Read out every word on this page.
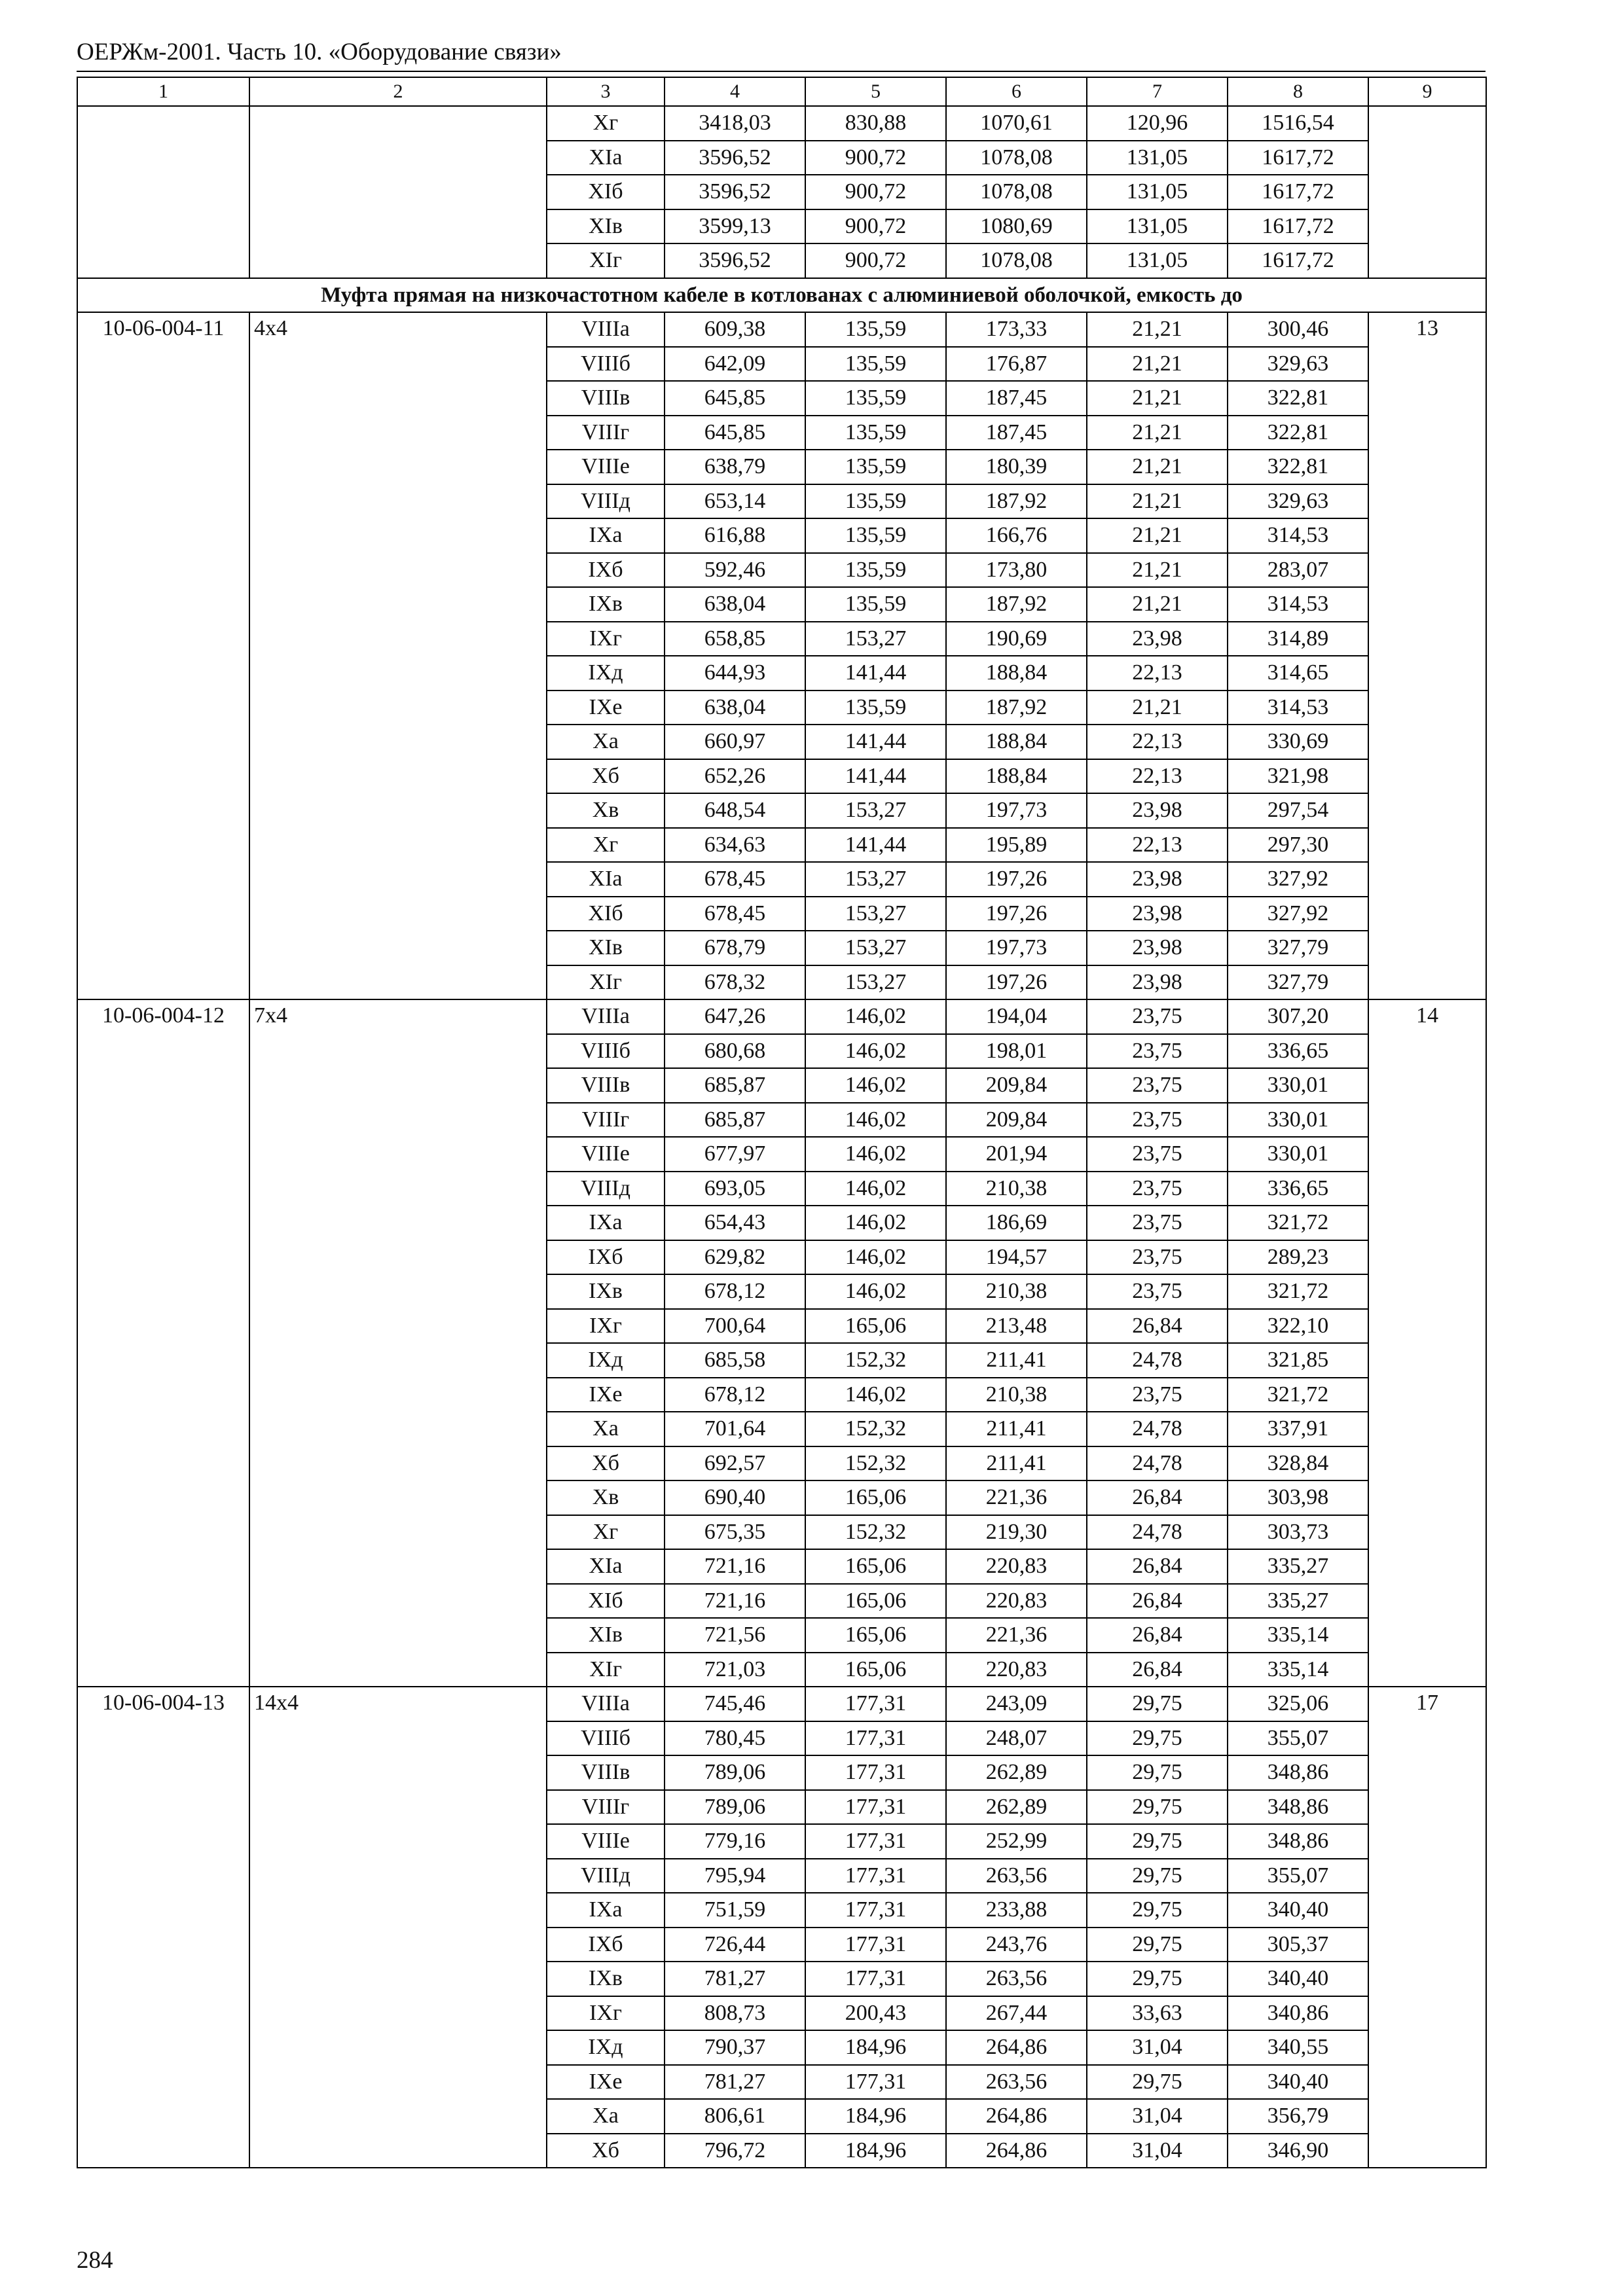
ОЕРЖм-2001. Часть 10. «Оборудование связи»
1	2	3	4	5	6	7	8	9
		Xг	3418,03	830,88	1070,61	120,96	1516,54	
		XIа	3596,52	900,72	1078,08	131,05	1617,72	
		XIб	3596,52	900,72	1078,08	131,05	1617,72	
		XIв	3599,13	900,72	1080,69	131,05	1617,72	
		XIг	3596,52	900,72	1078,08	131,05	1617,72	
Муфта прямая на низкочастотном кабеле в котлованах с алюминиевой оболочкой, емкость до								
10-06-004-11	4x4	VIIIа	609,38	135,59	173,33	21,21	300,46	13
		VIIIб	642,09	135,59	176,87	21,21	329,63	
		VIIIв	645,85	135,59	187,45	21,21	322,81	
		VIIIг	645,85	135,59	187,45	21,21	322,81	
		VIIIе	638,79	135,59	180,39	21,21	322,81	
		VIIIд	653,14	135,59	187,92	21,21	329,63	
		IXа	616,88	135,59	166,76	21,21	314,53	
		IXб	592,46	135,59	173,80	21,21	283,07	
		IXв	638,04	135,59	187,92	21,21	314,53	
		IXг	658,85	153,27	190,69	23,98	314,89	
		IXд	644,93	141,44	188,84	22,13	314,65	
		IXе	638,04	135,59	187,92	21,21	314,53	
		Xа	660,97	141,44	188,84	22,13	330,69	
		Xб	652,26	141,44	188,84	22,13	321,98	
		Xв	648,54	153,27	197,73	23,98	297,54	
		Xг	634,63	141,44	195,89	22,13	297,30	
		XIа	678,45	153,27	197,26	23,98	327,92	
		XIб	678,45	153,27	197,26	23,98	327,92	
		XIв	678,79	153,27	197,73	23,98	327,79	
		XIг	678,32	153,27	197,26	23,98	327,79	
10-06-004-12	7x4	VIIIа	647,26	146,02	194,04	23,75	307,20	14
		VIIIб	680,68	146,02	198,01	23,75	336,65	
		VIIIв	685,87	146,02	209,84	23,75	330,01	
		VIIIг	685,87	146,02	209,84	23,75	330,01	
		VIIIе	677,97	146,02	201,94	23,75	330,01	
		VIIIд	693,05	146,02	210,38	23,75	336,65	
		IXа	654,43	146,02	186,69	23,75	321,72	
		IXб	629,82	146,02	194,57	23,75	289,23	
		IXв	678,12	146,02	210,38	23,75	321,72	
		IXг	700,64	165,06	213,48	26,84	322,10	
		IXд	685,58	152,32	211,41	24,78	321,85	
		IXе	678,12	146,02	210,38	23,75	321,72	
		Xа	701,64	152,32	211,41	24,78	337,91	
		Xб	692,57	152,32	211,41	24,78	328,84	
		Xв	690,40	165,06	221,36	26,84	303,98	
		Xг	675,35	152,32	219,30	24,78	303,73	
		XIа	721,16	165,06	220,83	26,84	335,27	
		XIб	721,16	165,06	220,83	26,84	335,27	
		XIв	721,56	165,06	221,36	26,84	335,14	
		XIг	721,03	165,06	220,83	26,84	335,14	
10-06-004-13	14x4	VIIIа	745,46	177,31	243,09	29,75	325,06	17
		VIIIб	780,45	177,31	248,07	29,75	355,07	
		VIIIв	789,06	177,31	262,89	29,75	348,86	
		VIIIг	789,06	177,31	262,89	29,75	348,86	
		VIIIе	779,16	177,31	252,99	29,75	348,86	
		VIIIд	795,94	177,31	263,56	29,75	355,07	
		IXа	751,59	177,31	233,88	29,75	340,40	
		IXб	726,44	177,31	243,76	29,75	305,37	
		IXв	781,27	177,31	263,56	29,75	340,40	
		IXг	808,73	200,43	267,44	33,63	340,86	
		IXд	790,37	184,96	264,86	31,04	340,55	
		IXе	781,27	177,31	263,56	29,75	340,40	
		Xа	806,61	184,96	264,86	31,04	356,79	
		Xб	796,72	184,96	264,86	31,04	346,90	
284
